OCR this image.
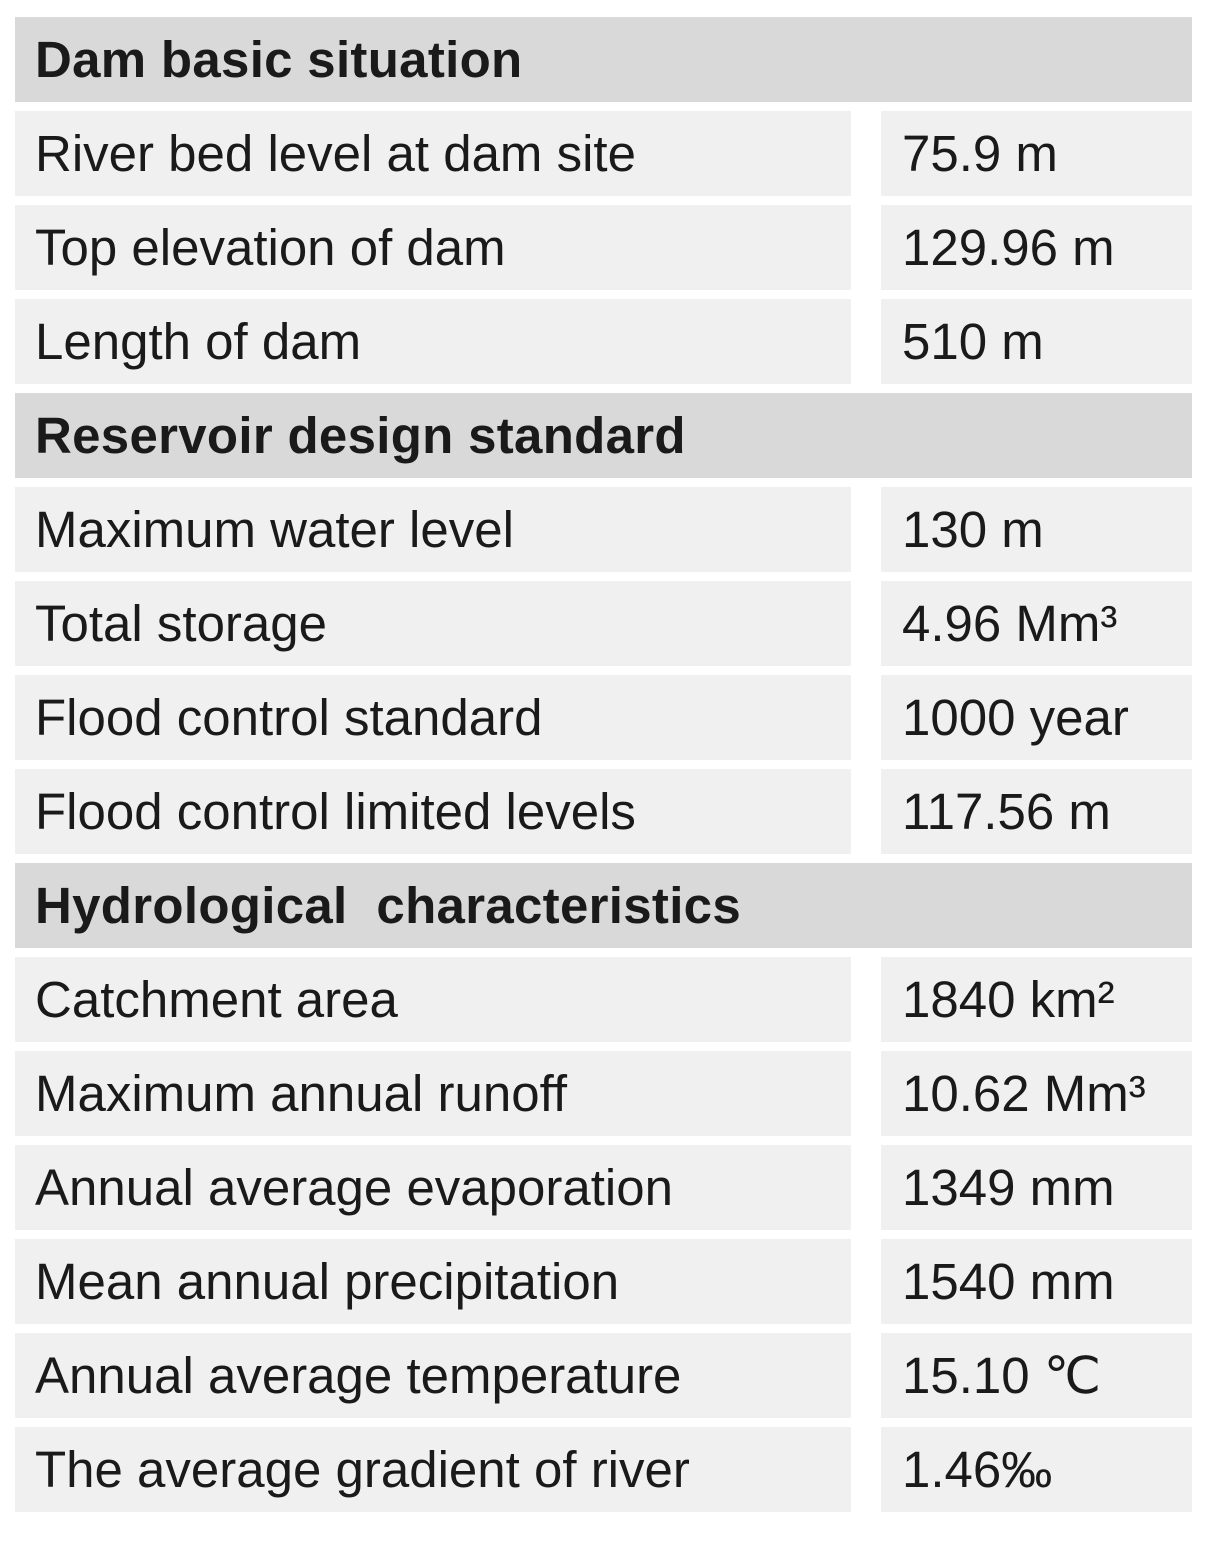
Dam basic situation
River bed level at dam site	75.9 m
Top elevation of dam	129.96 m
Length of dam	510 m
Reservoir design standard
Maximum water level	130 m
Total storage	4.96 Mm³
Flood control standard	1000 year
Flood control limited levels	117.56 m
Hydrological  characteristics
Catchment area	1840 km²
Maximum annual runoff	10.62 Mm³
Annual average evaporation	1349 mm
Mean annual precipitation	1540 mm
Annual average temperature	15.10 ℃
The average gradient of river	1.46‰
